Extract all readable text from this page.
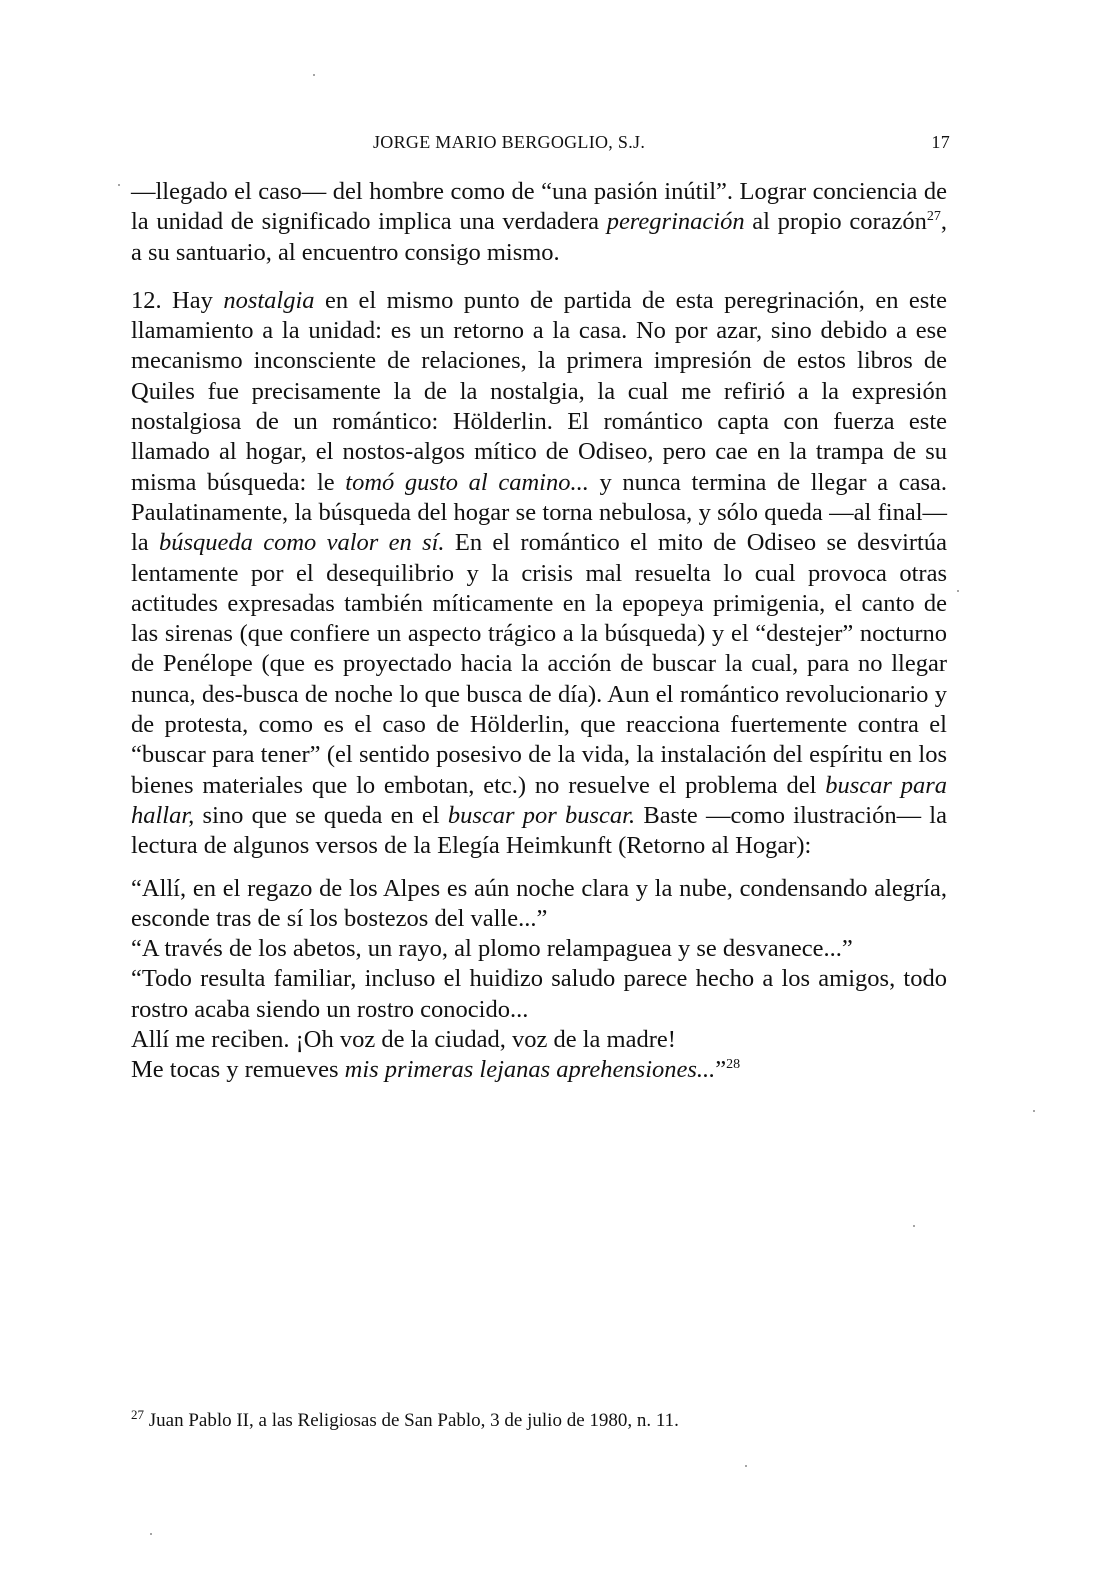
JORGE MARIO BERGOGLIO, S.J.	17

—llegado el caso— del hombre como de “una pasión inútil”. Lograr conciencia de la unidad de significado implica una verdadera peregrinación al propio corazón$^{27}$, a su santuario, al encuentro consigo mismo.

12. Hay nostalgia en el mismo punto de partida de esta peregrinación, en este llamamiento a la unidad: es un retorno a la casa. No por azar, sino debido a ese mecanismo inconsciente de relaciones, la primera impresión de estos libros de Quiles fue precisamente la de la nostalgia, la cual me refirió a la expresión nostalgiosa de un romántico: Hölderlin. El romántico capta con fuerza este llamado al hogar, el nostos-algos mítico de Odiseo, pero cae en la trampa de su misma búsqueda: le tomó gusto al camino... y nunca termina de llegar a casa. Paulatinamente, la búsqueda del hogar se torna nebulosa, y sólo queda —al final— la búsqueda como valor en sí. En el romántico el mito de Odiseo se desvirtúa lentamente por el desequilibrio y la crisis mal resuelta lo cual provoca otras actitudes expresadas también míticamente en la epopeya primigenia, el canto de las sirenas (que confiere un aspecto trágico a la búsqueda) y el “destejer” nocturno de Penélope (que es proyectado hacia la acción de buscar la cual, para no llegar nunca, des-busca de noche lo que busca de día). Aun el romántico revolucionario y de protesta, como es el caso de Hölderlin, que reacciona fuertemente contra el “buscar para tener” (el sentido posesivo de la vida, la instalación del espíritu en los bienes materiales que lo embotan, etc.) no resuelve el problema del buscar para hallar, sino que se queda en el buscar por buscar. Baste —como ilustración— la lectura de algunos versos de la Elegía Heimkunft (Retorno al Hogar):

“Allí, en el regazo de los Alpes es aún noche clara y la nube, condensando alegría, esconde tras de sí los bostezos del valle...”

“A través de los abetos, un rayo, al plomo relampaguea y se desvanece...”

“Todo resulta familiar, incluso el huidizo saludo parece hecho a los amigos, todo rostro acaba siendo un rostro conocido...

Allí me reciben. ¡Oh voz de la ciudad, voz de la madre!

Me tocas y remueves mis primeras lejanas aprehensiones...”$^{28}$

$^{27}$ Juan Pablo II, a las Religiosas de San Pablo, 3 de julio de 1980, n. 11.
